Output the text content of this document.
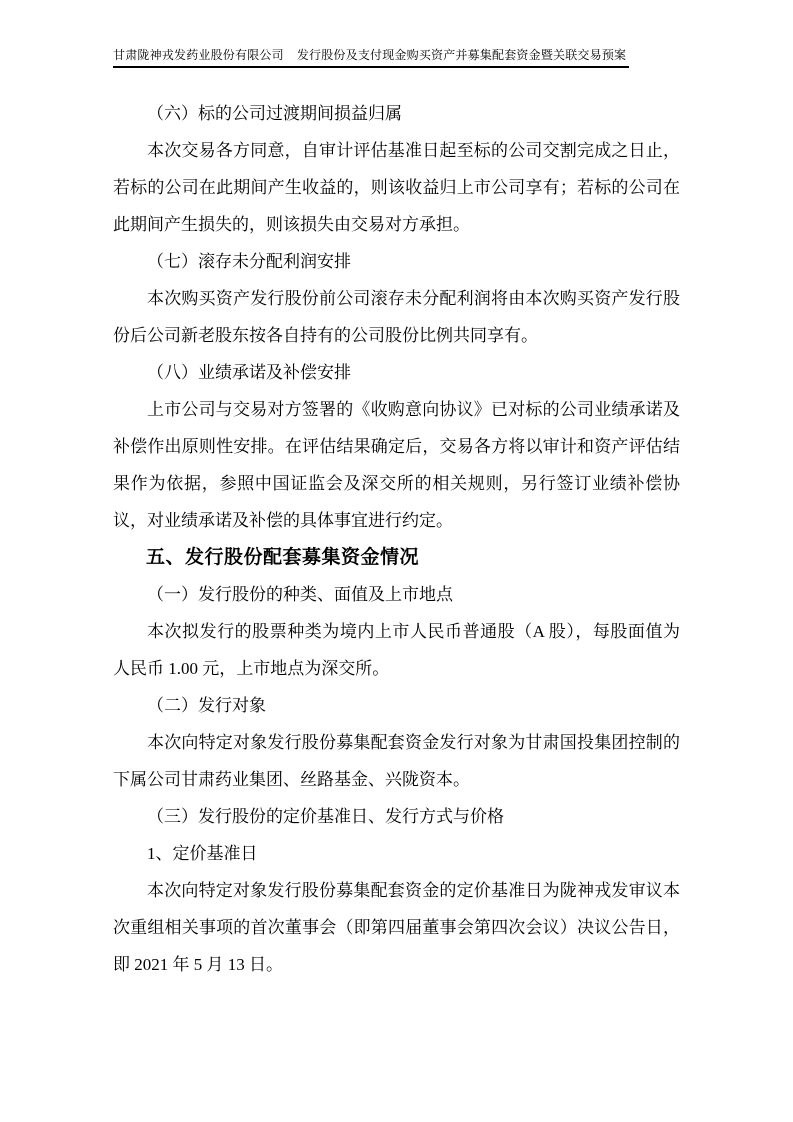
甘肃陇神戎发药业股份有限公司 发行股份及支付现金购买资产并募集配套资金暨关联交易预案
（六）标的公司过渡期间损益归属

本次交易各方同意，自审计评估基准日起至标的公司交割完成之日止，若标的公司在此期间产生收益的，则该收益归上市公司享有；若标的公司在此期间产生损失的，则该损失由交易对方承担。

（七）滚存未分配利润安排

本次购买资产发行股份前公司滚存未分配利润将由本次购买资产发行股份后公司新老股东按各自持有的公司股份比例共同享有。

（八）业绩承诺及补偿安排

上市公司与交易对方签署的《收购意向协议》已对标的公司业绩承诺及补偿作出原则性安排。在评估结果确定后，交易各方将以审计和资产评估结果作为依据，参照中国证监会及深交所的相关规则，另行签订业绩补偿协议，对业绩承诺及补偿的具体事宜进行约定。

五、发行股份配套募集资金情况
（一）发行股份的种类、面值及上市地点

本次拟发行的股票种类为境内上市人民币普通股（A 股），每股面值为人民币 1.00 元，上市地点为深交所。

（二）发行对象

本次向特定对象发行股份募集配套资金发行对象为甘肃国投集团控制的下属公司甘肃药业集团、丝路基金、兴陇资本。

（三）发行股份的定价基准日、发行方式与价格
1、定价基准日

本次向特定对象发行股份募集配套资金的定价基准日为陇神戎发审议本次重组相关事项的首次董事会（即第四届董事会第四次会议）决议公告日，即 2021 年 5 月 13 日。
